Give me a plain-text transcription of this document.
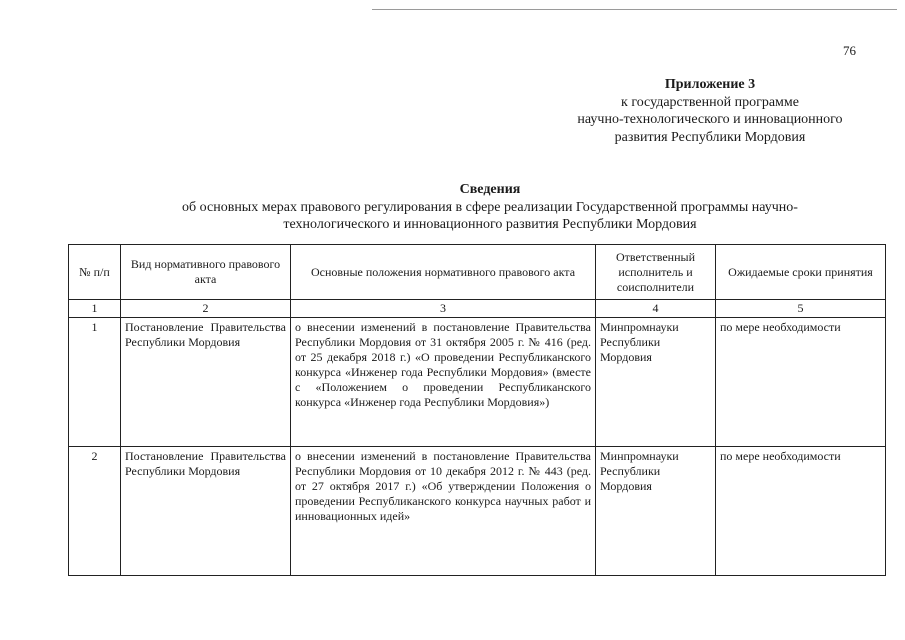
76
Приложение 3
к государственной программе
научно-технологического и инновационного
развития Республики Мордовия
Сведения
об основных мерах правового регулирования в сфере реализации Государственной программы научно-
технологического и инновационного развития Республики Мордовия
№ п/п	Вид нормативного правового акта	Основные положения нормативного правового акта	Ответственный исполнитель и соисполнители	Ожидаемые сроки принятия
1	2	3	4	5
1	Постановление Правительства Республики Мордовия	о внесении изменений в постановление Правительства Республики Мордовия от 31 октября 2005 г. № 416 (ред. от 25 декабря 2018 г.) «О проведении Республиканского конкурса «Инженер года Республики Мордовия» (вместе с «Положением о проведении Республиканского конкурса «Инженер года Республики Мордовия»)	Минпромнауки Республики Мордовия	по мере необходимости
2	Постановление Правительства Республики Мордовия	о внесении изменений в постановление Правительства Республики Мордовия от 10 декабря 2012 г. № 443 (ред. от 27 октября 2017 г.) «Об утверждении Положения о проведении Республиканского конкурса научных работ и инновационных идей»	Минпромнауки Республики Мордовия	по мере необходимости
